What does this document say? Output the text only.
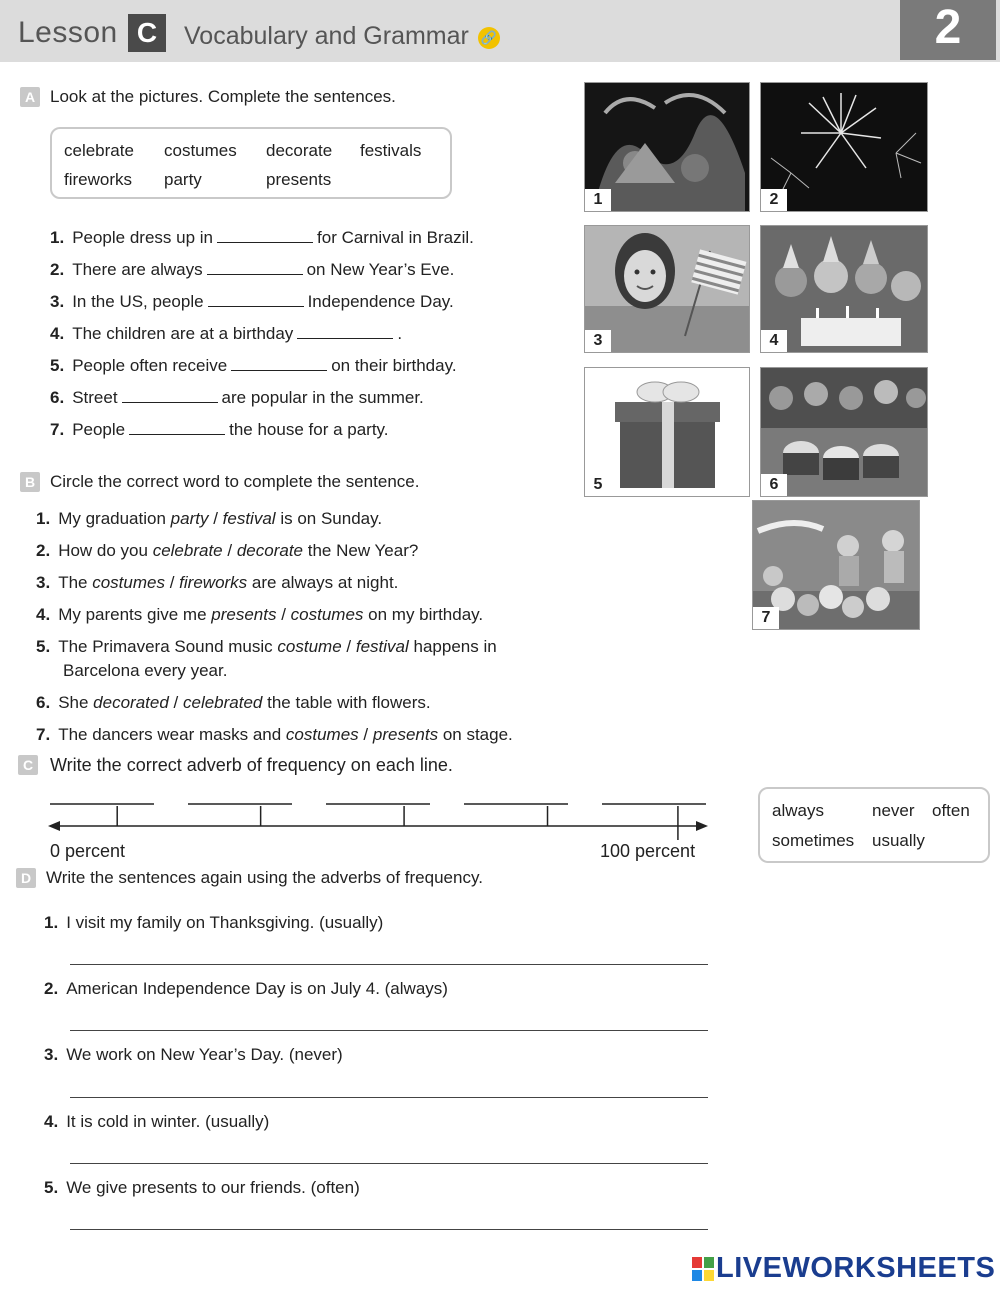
Lesson C	Vocabulary and Grammar 🔗	2
A Look at the pictures. Complete the sentences.
celebrate costumes decorate festivals
fireworks party	presents
1. People dress up in	for Carnival in Brazil.
2. There are always	on New Year’s Eve.
3. In the US, people	Independence Day.
4. The children are at a birthday	.
5. People often receive	on their birthday.
6. Street	are popular in the summer.
7. People	the house for a party.
1	2
3	4
5	6
7
B Circle the correct word to complete the sentence.
1. My graduation party / festival is on Sunday.
2. How do you celebrate / decorate the New Year?
3. The costumes / fireworks are always at night.
4. My parents give me presents / costumes on my birthday.
5. The Primavera Sound music costume / festival happens in
Barcelona every year.
6. She decorated / celebrated the table with flowers.
7. The dancers wear masks and costumes / presents on stage.
C Write the correct adverb of frequency on each line.
0 percent	100 percent
always	never often
sometimes usually
D Write the sentences again using the adverbs of frequency.
1. I visit my family on Thanksgiving. (usually)
2. American Independence Day is on July 4. (always)
3. We work on New Year’s Day. (never)
4. It is cold in winter. (usually)
5. We give presents to our friends. (often)
LIVEWORKSHEETS
